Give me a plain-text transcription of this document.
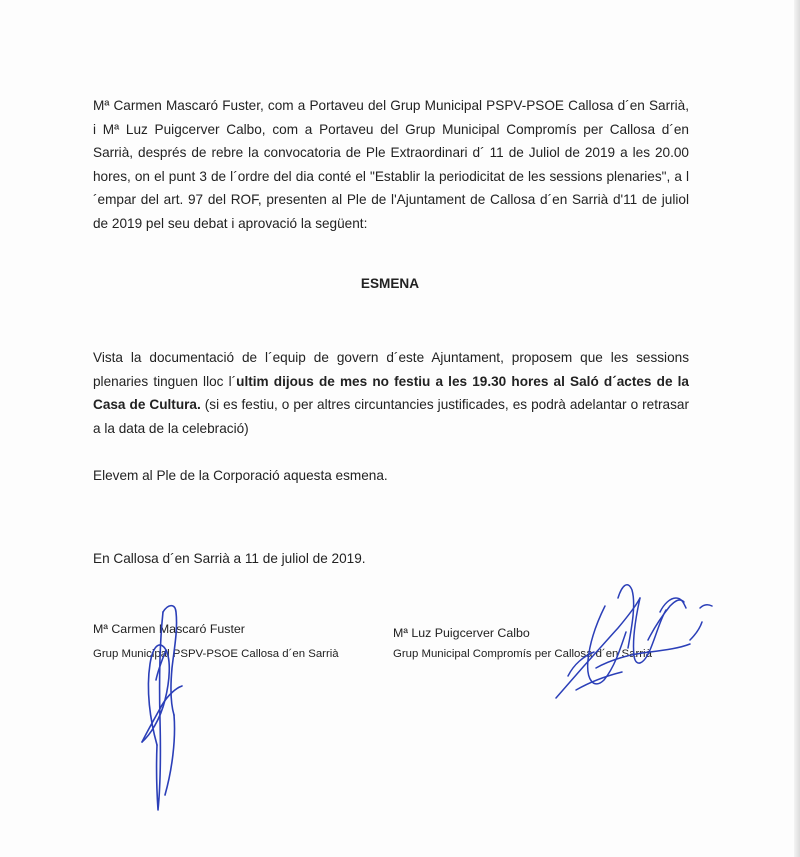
Mª Carmen Mascaró Fuster, com a Portaveu del Grup Municipal PSPV-PSOE Callosa d´en Sarrià, i Mª Luz Puigcerver Calbo, com a Portaveu del Grup Municipal Compromís per Callosa d´en Sarrià, després de rebre la convocatoria de Ple Extraordinari d´ 11 de Juliol de 2019 a les 20.00 hores, on el punt 3 de l´ordre del dia conté el "Establir la periodicitat de les sessions plenaries", a l´empar del art. 97 del ROF, presenten al Ple de l'Ajuntament de Callosa d´en Sarrià d'11 de juliol de 2019 pel seu debat i aprovació la següent:

ESMENA

Vista la documentació de l´equip de govern d´este Ajuntament, proposem que les sessions plenaries tinguen lloc l´ultim dijous de mes no festiu a les 19.30 hores al Saló d´actes de la Casa de Cultura. (si es festiu, o per altres circuntancies justificades, es podrà adelantar o retrasar a la data de la celebració)

Elevem al Ple de la Corporació aquesta esmena.

En Callosa d´en Sarrià a 11 de juliol de 2019.

Mª Carmen Mascaró Fuster

Grup Municipal PSPV-PSOE Callosa d´en Sarrià

Mª Luz Puigcerver Calbo

Grup Municipal Compromís per Callosa d´en Sarrià
